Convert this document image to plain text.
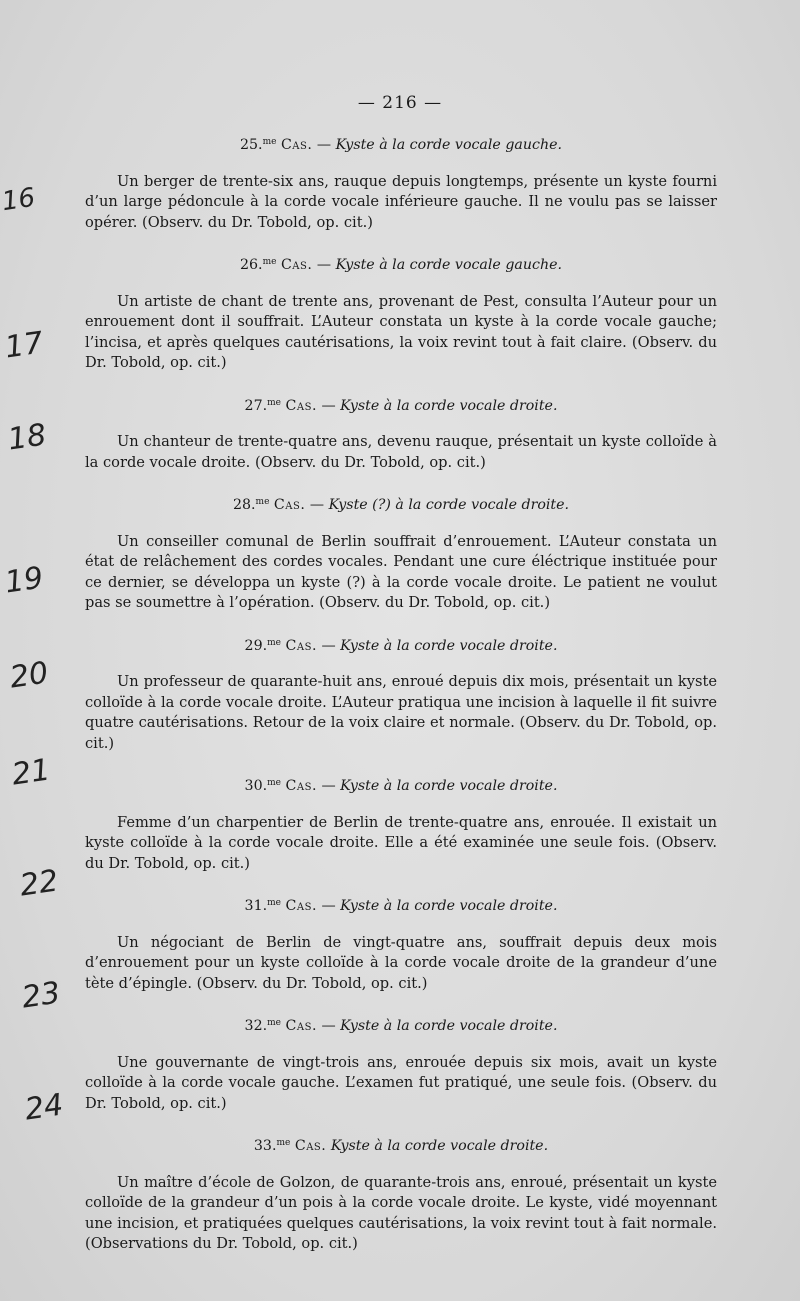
— 216 —

25.$^{me}$ Cas. — Kyste à la corde vocale gauche.

Un berger de trente-six ans, rauque depuis longtemps, présente un kyste fourni d’un large pédoncule à la corde vocale inférieure gauche. Il ne voulu pas se laisser opérer. (Observ. du Dr. Tobold, op. cit.)

26.$^{me}$ Cas. — Kyste à la corde vocale gauche.

Un artiste de chant de trente ans, provenant de Pest, consulta l’Auteur pour un enrouement dont il souffrait. L’Auteur constata un kyste à la corde vocale gauche; l’incisa, et après quelques cautérisations, la voix revint tout à fait claire. (Observ. du Dr. Tobold, op. cit.)

27.$^{me}$ Cas. — Kyste à la corde vocale droite.

Un chanteur de trente-quatre ans, devenu rauque, présentait un kyste colloïde à la corde vocale droite. (Observ. du Dr. Tobold, op. cit.)

28.$^{me}$ Cas. — Kyste (?) à la corde vocale droite.

Un conseiller comunal de Berlin souffrait d’enrouement. L’Auteur constata un état de relâchement des cordes vocales. Pendant une cure éléctrique instituée pour ce dernier, se développa un kyste (?) à la corde vocale droite. Le patient ne voulut pas se soumettre à l’opération. (Observ. du Dr. Tobold, op. cit.)

29.$^{me}$ Cas. — Kyste à la corde vocale droite.

Un professeur de quarante-huit ans, enroué depuis dix mois, présentait un kyste colloïde à la corde vocale droite. L’Auteur pratiqua une incision à laquelle il fit suivre quatre cautérisations. Retour de la voix claire et normale. (Observ. du Dr. Tobold, op. cit.)

30.$^{me}$ Cas. — Kyste à la corde vocale droite.

Femme d’un charpentier de Berlin de trente-quatre ans, enrouée. Il existait un kyste colloïde à la corde vocale droite. Elle a été examinée une seule fois. (Observ. du Dr. Tobold, op. cit.)

31.$^{me}$ Cas. — Kyste à la corde vocale droite.

Un négociant de Berlin de vingt-quatre ans, souffrait depuis deux mois d’enrouement pour un kyste colloïde à la corde vocale droite de la grandeur d’une tète d’épingle. (Observ. du Dr. Tobold, op. cit.)

32.$^{me}$ Cas. — Kyste à la corde vocale droite.

Une gouvernante de vingt-trois ans, enrouée depuis six mois, avait un kyste colloïde à la corde vocale gauche. L’examen fut pratiqué, une seule fois. (Observ. du Dr. Tobold, op. cit.)

33.$^{me}$ Cas. Kyste à la corde vocale droite.

Un maître d’école de Golzon, de quarante-trois ans, enroué, présentait un kyste colloïde de la grandeur d’un pois à la corde vocale droite. Le kyste, vidé moyennant une incision, et pratiquées quelques cautérisations, la voix revint tout à fait normale. (Observations du Dr. Tobold, op. cit.)

16
17
18
19
20
21
22
23
24
